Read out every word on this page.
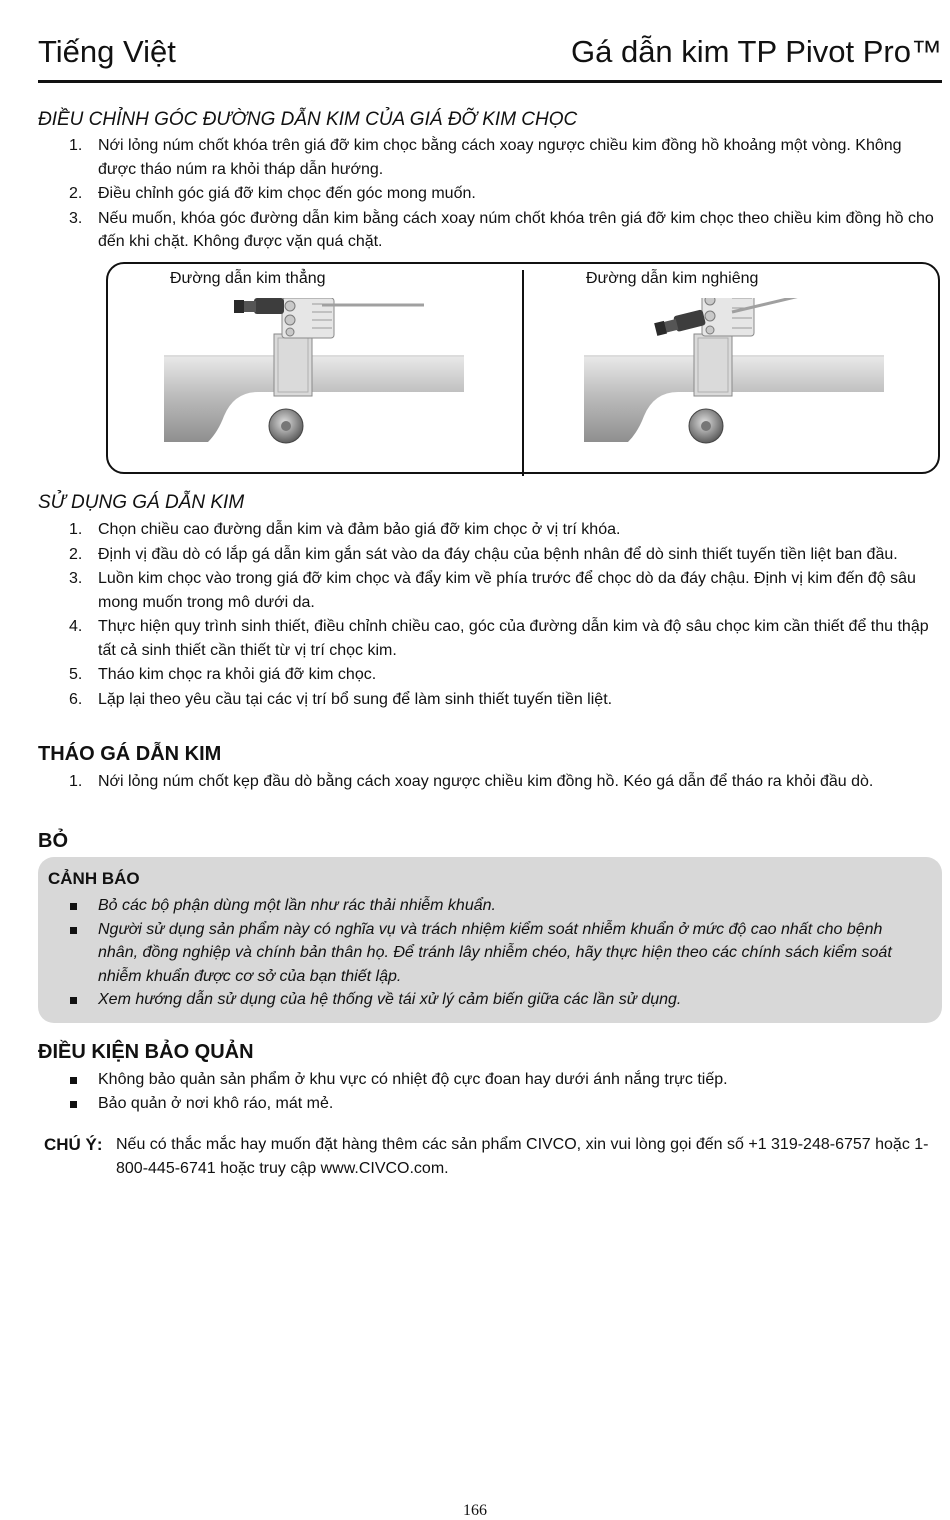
Tiếng Việt	Gá dẫn kim TP Pivot Pro™
ĐIỀU CHỈNH GÓC ĐƯỜNG DẪN KIM CỦA GIÁ ĐỠ KIM CHỌC
1. Nới lỏng núm chốt khóa trên giá đỡ kim chọc bằng cách xoay ngược chiều kim đồng hồ khoảng một vòng. Không được tháo núm ra khỏi tháp dẫn hướng.
2. Điều chỉnh góc giá đỡ kim chọc đến góc mong muốn.
3. Nếu muốn, khóa góc đường dẫn kim bằng cách xoay núm chốt khóa trên giá đỡ kim chọc theo chiều kim đồng hồ cho đến khi chặt. Không được vặn quá chặt.
Đường dẫn kim thẳng	Đường dẫn kim nghiêng
SỬ DỤNG GÁ DẪN KIM
1. Chọn chiều cao đường dẫn kim và đảm bảo giá đỡ kim chọc ở vị trí khóa.
2. Định vị đầu dò có lắp gá dẫn kim gắn sát vào da đáy chậu của bệnh nhân để dò sinh thiết tuyến tiền liệt ban đầu.
3. Luồn kim chọc vào trong giá đỡ kim chọc và đẩy kim về phía trước để chọc dò da đáy chậu. Định vị kim đến độ sâu mong muốn trong mô dưới da.
4. Thực hiện quy trình sinh thiết, điều chỉnh chiều cao, góc của đường dẫn kim và độ sâu chọc kim cần thiết để thu thập tất cả sinh thiết cần thiết từ vị trí chọc kim.
5. Tháo kim chọc ra khỏi giá đỡ kim chọc.
6. Lặp lại theo yêu cầu tại các vị trí bổ sung để làm sinh thiết tuyến tiền liệt.
THÁO GÁ DẪN KIM
1. Nới lỏng núm chốt kẹp đầu dò bằng cách xoay ngược chiều kim đồng hồ. Kéo gá dẫn để tháo ra khỏi đầu dò.
BỎ
CẢNH BÁO
Bỏ các bộ phận dùng một lần như rác thải nhiễm khuẩn.
Người sử dụng sản phẩm này có nghĩa vụ và trách nhiệm kiểm soát nhiễm khuẩn ở mức độ cao nhất cho bệnh nhân, đồng nghiệp và chính bản thân họ. Để tránh lây nhiễm chéo, hãy thực hiện theo các chính sách kiểm soát nhiễm khuẩn được cơ sở của bạn thiết lập.
Xem hướng dẫn sử dụng của hệ thống về tái xử lý cảm biến giữa các lần sử dụng.
ĐIỀU KIỆN BẢO QUẢN
Không bảo quản sản phẩm ở khu vực có nhiệt độ cực đoan hay dưới ánh nắng trực tiếp.
Bảo quản ở nơi khô ráo, mát mẻ.
CHÚ Ý: Nếu có thắc mắc hay muốn đặt hàng thêm các sản phẩm CIVCO, xin vui lòng gọi đến số +1 319-248-6757 hoặc 1-800-445-6741 hoặc truy cập www.CIVCO.com.
166
